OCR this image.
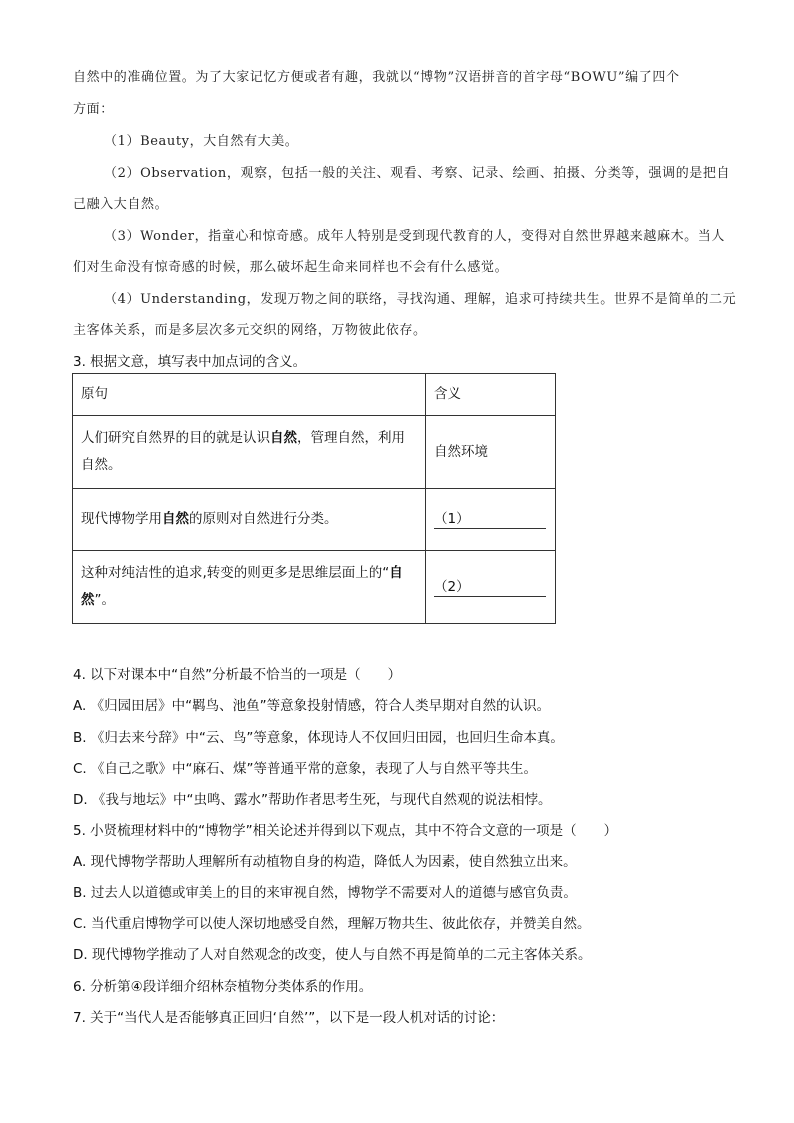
自然中的准确位置。为了大家记忆方便或者有趣，我就以“博物”汉语拼音的首字母“BOWU”编了四个
方面：
（1）Beauty，大自然有大美。
（2）Observation，观察，包括一般的关注、观看、考察、记录、绘画、拍摄、分类等，强调的是把自
己融入大自然。
（3）Wonder，指童心和惊奇感。成年人特别是受到现代教育的人，变得对自然世界越来越麻木。当人
们对生命没有惊奇感的时候，那么破坏起生命来同样也不会有什么感觉。
（4）Understanding，发现万物之间的联络，寻找沟通、理解，追求可持续共生。世界不是简单的二元
主客体关系，而是多层次多元交织的网络，万物彼此依存。
3. 根据文意，填写表中加点词的含义。
原句	含义
人们研究自然界的目的就是认识自然，管理自然，利用
自然。	自然环境
现代博物学用自然的原则对自然进行分类。	（1）
这种对纯洁性的追求,转变的则更多是思维层面上的“自
然”。	（2）
4. 以下对课本中“自然”分析最不恰当的一项是（　　）
A. 《归园田居》中“羁鸟、池鱼”等意象投射情感，符合人类早期对自然的认识。
B. 《归去来兮辞》中“云、鸟”等意象，体现诗人不仅回归田园，也回归生命本真。
C. 《自己之歌》中“麻石、煤”等普通平常的意象，表现了人与自然平等共生。
D. 《我与地坛》中“虫鸣、露水”帮助作者思考生死，与现代自然观的说法相悖。
5. 小贤梳理材料中的“博物学”相关论述并得到以下观点，其中不符合文意的一项是（　　）
A. 现代博物学帮助人理解所有动植物自身的构造，降低人为因素，使自然独立出来。
B. 过去人以道德或审美上的目的来审视自然，博物学不需要对人的道德与感官负责。
C. 当代重启博物学可以使人深切地感受自然，理解万物共生、彼此依存，并赞美自然。
D. 现代博物学推动了人对自然观念的改变，使人与自然不再是简单的二元主客体关系。
6. 分析第④段详细介绍林奈植物分类体系的作用。
7. 关于“当代人是否能够真正回归‘自然’”，以下是一段人机对话的讨论：
